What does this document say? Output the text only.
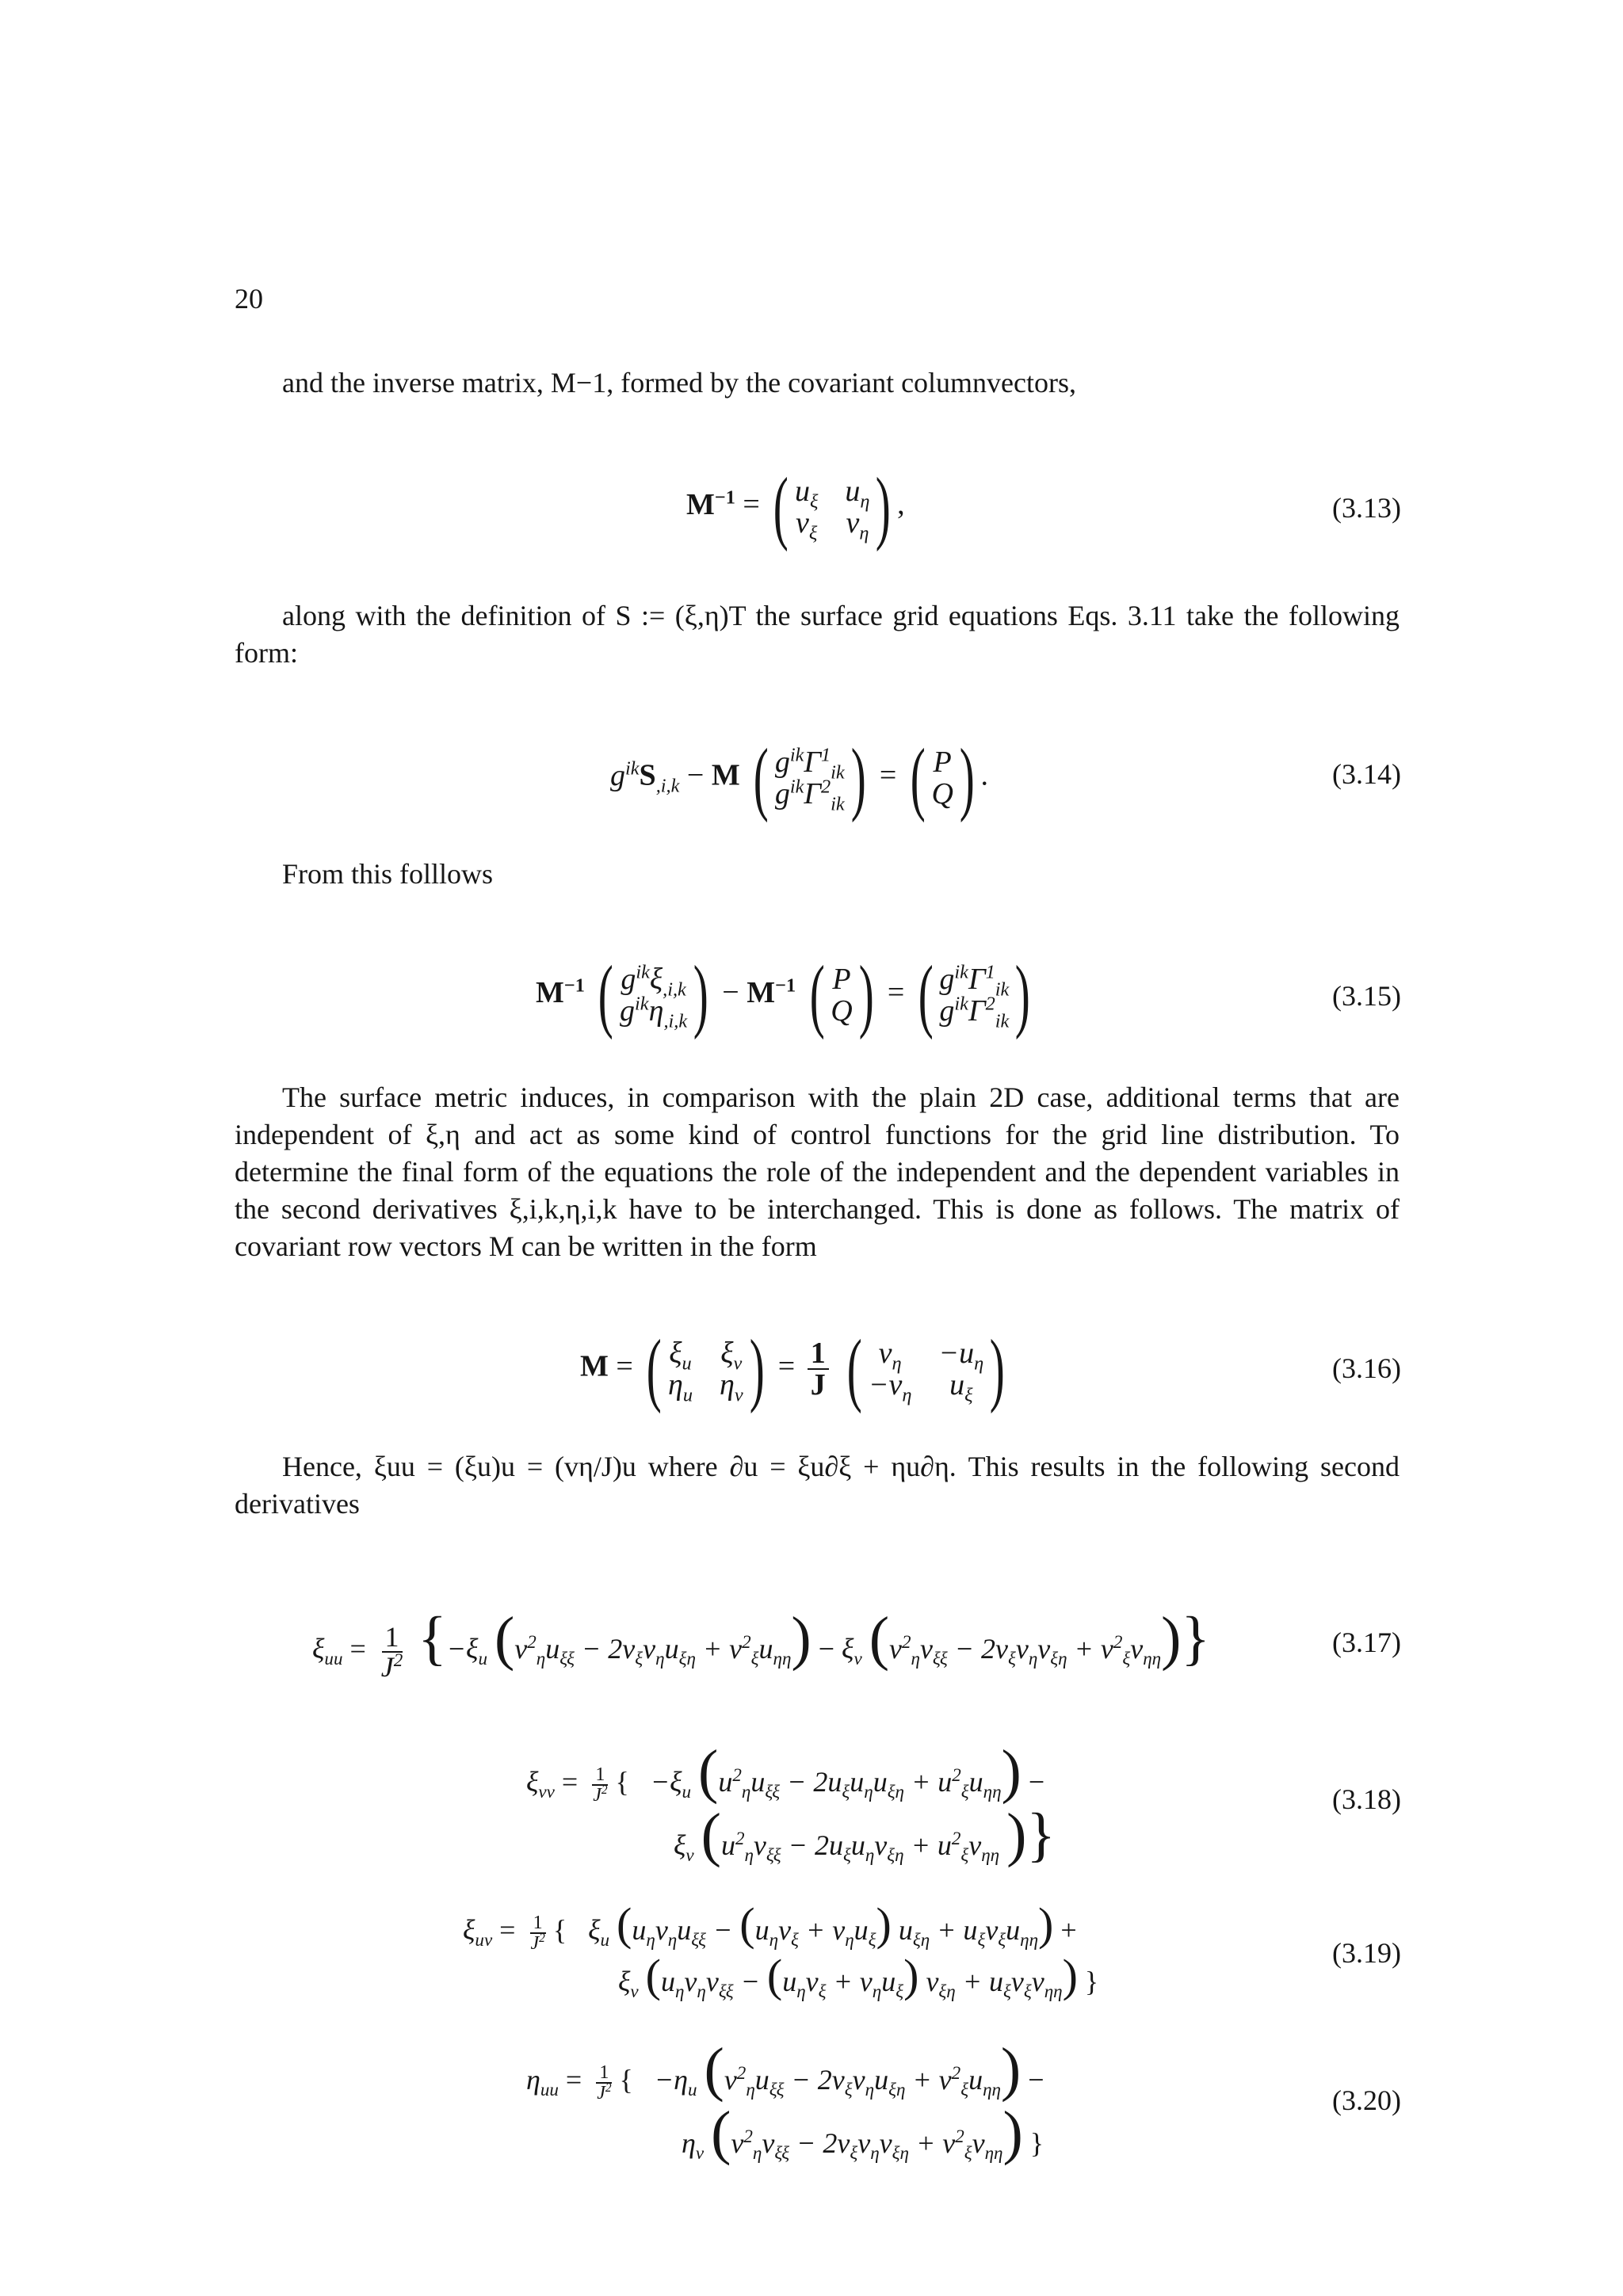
20
and the inverse matrix, M−1, formed by the covariant columnvectors,
$M^{-1}$ = ( $u_\xi$ $u_\eta$
$v_\xi$ $v_\eta$ ) ,	(3.13)
along with the definition of S := (ξ,η)T the surface grid equations Eqs. 3.11 take the following form:
$g^{ik}S_{,i,k} - M$ ( $g^{ik}\Gamma^1_{ik}$
$g^{ik}\Gamma^2_{ik}$ ) = ( P
Q ) .	(3.14)
From this folllows
$M^{-1}$ ( $g^{ik}\xi_{,i,k}$
$g^{ik}\eta_{,i,k}$ ) − $M^{-1}$ ( P
Q ) = ( $g^{ik}\Gamma^1_{ik}$
$g^{ik}\Gamma^2_{ik}$ )	(3.15)
The surface metric induces, in comparison with the plain 2D case, additional terms that are independent of ξ,η and act as some kind of control functions for the grid line distribution. To determine the final form of the equations the role of the independent and the dependent variables in the second derivatives ξ,i,k,η,i,k have to be interchanged. This is done as follows. The matrix of covariant row vectors M can be written in the form
M = ( $\xi_u$ $\xi_v$
$\eta_u$ $\eta_v$ ) = $\frac{1}{J}$
( $v_\eta$	$-u_\eta$
$-v_\eta$	$u_\xi$ )	(3.16)
Hence, ξuu = (ξu)u = (vη/J)u where ∂u = ξu∂ξ + ηu∂η. This results in the following second derivatives
$\xi_{uu} = \frac{1}{J^2} \{-\xi_u$ $(v^2_\eta u_{\xi\xi} - 2v_\xi v_\eta u_{\xi\eta} + v^2_\xi u_{\eta\eta}) - \xi_v$ $(v^2_\eta v_{\xi\xi} - 2v_\xi v_\eta v_{\xi\eta} + v^2_\xi v_{\eta\eta})$}	(3.17)
$\xi_{vv} = \frac{1}{J^2}$ {   $-\xi_u$ $(u^2_\eta u_{\xi\xi} - 2u_\xi u_\eta u_{\xi\eta} + u^2_\xi u_{\eta\eta})$ −
$\xi_v$ ($u^2_\eta v_{\xi\xi} - 2u_\xi u_\eta v_{\xi\eta} + u^2_\xi v_{\eta\eta}$ )}
(3.18)
$\xi_{uv} = \frac{1}{J^2}$ {   $\xi_u$ $(u_\eta v_\eta u_{\xi\xi} - (u_\eta v_\xi + v_\eta u_\xi) u_{\xi\eta} + u_\xi v_\xi u_{\eta\eta})$ +
$\xi_v$ $(u_\eta v_\eta v_{\xi\xi} - (u_\eta v_\xi + v_\eta u_\xi) v_{\xi\eta} + u_\xi v_\xi v_{\eta\eta})$ }
(3.19)
$\eta_{uu} = \frac{1}{J^2}$ {   $-\eta_u$ $(v^2_\eta u_{\xi\xi} - 2v_\xi v_\eta u_{\xi\eta} + v^2_\xi u_{\eta\eta})$ −
$\eta_v$ $(v^2_\eta v_{\xi\xi} - 2v_\xi v_\eta v_{\xi\eta} + v^2_\xi v_{\eta\eta})$ }
(3.20)
